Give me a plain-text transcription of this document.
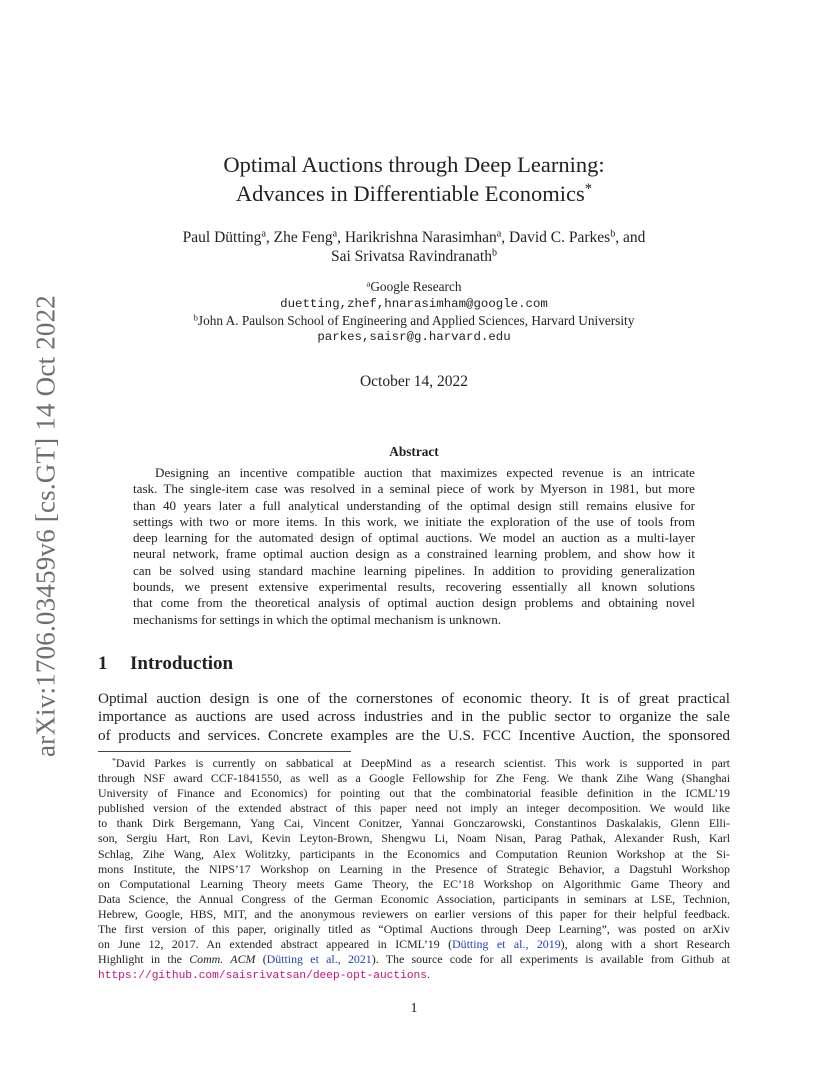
arXiv:1706.03459v6 [cs.GT] 14 Oct 2022
Optimal Auctions through Deep Learning:
Advances in Differentiable Economics*
Paul Dütting$^a$, Zhe Feng$^a$, Harikrishna Narasimhan$^a$, David C. Parkes$^b$, and
Sai Srivatsa Ravindranath$^b$
$^a$Google Research
duetting,zhef,hnarasimham@google.com
$^b$John A. Paulson School of Engineering and Applied Sciences, Harvard University
parkes,saisr@g.harvard.edu
October 14, 2022
Abstract
Designing an incentive compatible auction that maximizes expected revenue is an intricate
task. The single-item case was resolved in a seminal piece of work by Myerson in 1981, but more
than 40 years later a full analytical understanding of the optimal design still remains elusive for
settings with two or more items. In this work, we initiate the exploration of the use of tools from
deep learning for the automated design of optimal auctions. We model an auction as a multi-layer
neural network, frame optimal auction design as a constrained learning problem, and show how it
can be solved using standard machine learning pipelines. In addition to providing generalization
bounds, we present extensive experimental results, recovering essentially all known solutions
that come from the theoretical analysis of optimal auction design problems and obtaining novel
mechanisms for settings in which the optimal mechanism is unknown.
1 Introduction
Optimal auction design is one of the cornerstones of economic theory. It is of great practical
importance as auctions are used across industries and in the public sector to organize the sale
of products and services. Concrete examples are the U.S. FCC Incentive Auction, the sponsored
*David Parkes is currently on sabbatical at DeepMind as a research scientist. This work is supported in part
through NSF award CCF-1841550, as well as a Google Fellowship for Zhe Feng. We thank Zihe Wang (Shanghai
University of Finance and Economics) for pointing out that the combinatorial feasible definition in the ICML’19
published version of the extended abstract of this paper need not imply an integer decomposition. We would like
to thank Dirk Bergemann, Yang Cai, Vincent Conitzer, Yannai Gonczarowski, Constantinos Daskalakis, Glenn Elli-
son, Sergiu Hart, Ron Lavi, Kevin Leyton-Brown, Shengwu Li, Noam Nisan, Parag Pathak, Alexander Rush, Karl
Schlag, Zihe Wang, Alex Wolitzky, participants in the Economics and Computation Reunion Workshop at the Si-
mons Institute, the NIPS’17 Workshop on Learning in the Presence of Strategic Behavior, a Dagstuhl Workshop
on Computational Learning Theory meets Game Theory, the EC’18 Workshop on Algorithmic Game Theory and
Data Science, the Annual Congress of the German Economic Association, participants in seminars at LSE, Technion,
Hebrew, Google, HBS, MIT, and the anonymous reviewers on earlier versions of this paper for their helpful feedback.
The first version of this paper, originally titled as “Optimal Auctions through Deep Learning”, was posted on arXiv
on June 12, 2017. An extended abstract appeared in ICML’19 (Dütting et al., 2019), along with a short Research
Highlight in the Comm. ACM (Dütting et al., 2021). The source code for all experiments is available from Github at
https://github.com/saisrivatsan/deep-opt-auctions.
1
